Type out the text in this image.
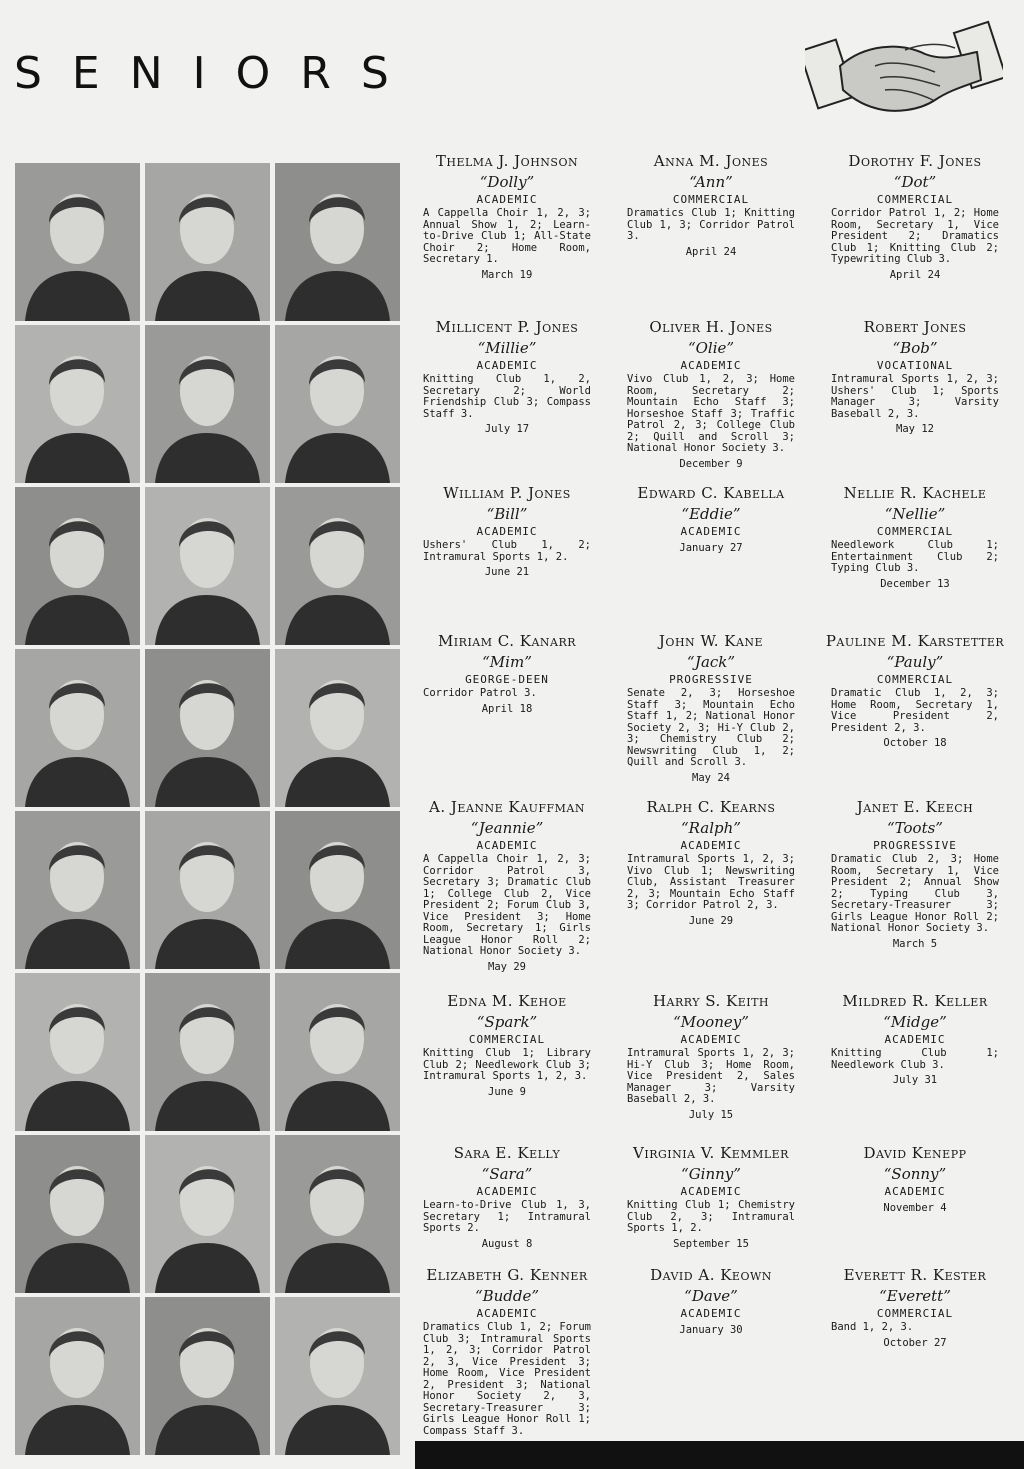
SENIORS
Thelma J. Johnson
“Dolly”
ACADEMIC
A Cappella Choir 1, 2, 3; Annual Show 1, 2; Learn-to-Drive Club 1; All-State Choir 2; Home Room, Secretary 1.
March 19
Anna M. Jones
“Ann”
COMMERCIAL
Dramatics Club 1; Knitting Club 1, 3; Corridor Patrol 3.
April 24
Dorothy F. Jones
“Dot”
COMMERCIAL
Corridor Patrol 1, 2; Home Room, Secretary 1, Vice President 2; Dramatics Club 1; Knitting Club 2; Typewriting Club 3.
April 24
Millicent P. Jones
“Millie”
ACADEMIC
Knitting Club 1, 2, Secretary 2; World Friendship Club 3; Compass Staff 3.
July 17
Oliver H. Jones
“Olie”
ACADEMIC
Vivo Club 1, 2, 3; Home Room, Secretary 2; Mountain Echo Staff 3; Horseshoe Staff 3; Traffic Patrol 2, 3; College Club 2; Quill and Scroll 3; National Honor Society 3.
December 9
Robert Jones
“Bob”
VOCATIONAL
Intramural Sports 1, 2, 3; Ushers' Club 1; Sports Manager 3; Varsity Baseball 2, 3.
May 12
William P. Jones
“Bill”
ACADEMIC
Ushers' Club 1, 2; Intramural Sports 1, 2.
June 21
Edward C. Kabella
“Eddie”
ACADEMIC
January 27
Nellie R. Kachele
“Nellie”
COMMERCIAL
Needlework Club 1; Entertainment Club 2; Typing Club 3.
December 13
Miriam C. Kanarr
“Mim”
GEORGE-DEEN
Corridor Patrol 3.
April 18
John W. Kane
“Jack”
PROGRESSIVE
Senate 2, 3; Horseshoe Staff 3; Mountain Echo Staff 1, 2; National Honor Society 2, 3; Hi-Y Club 2, 3; Chemistry Club 2; Newswriting Club 1, 2; Quill and Scroll 3.
May 24
Pauline M. Karstetter
“Pauly”
COMMERCIAL
Dramatic Club 1, 2, 3; Home Room, Secretary 1, Vice President 2, President 2, 3.
October 18
A. Jeanne Kauffman
“Jeannie”
ACADEMIC
A Cappella Choir 1, 2, 3; Corridor Patrol 3, Secretary 3; Dramatic Club 1; College Club 2, Vice President 2; Forum Club 3, Vice President 3; Home Room, Secretary 1; Girls League Honor Roll 2; National Honor Society 3.
May 29
Ralph C. Kearns
“Ralph”
ACADEMIC
Intramural Sports 1, 2, 3; Vivo Club 1; Newswriting Club, Assistant Treasurer 2, 3; Mountain Echo Staff 3; Corridor Patrol 2, 3.
June 29
Janet E. Keech
“Toots”
PROGRESSIVE
Dramatic Club 2, 3; Home Room, Secretary 1, Vice President 2; Annual Show 2; Typing Club 3, Secretary-Treasurer 3; Girls League Honor Roll 2; National Honor Society 3.
March 5
Edna M. Kehoe
“Spark”
COMMERCIAL
Knitting Club 1; Library Club 2; Needlework Club 3; Intramural Sports 1, 2, 3.
June 9
Harry S. Keith
“Mooney”
ACADEMIC
Intramural Sports 1, 2, 3; Hi-Y Club 3; Home Room, Vice President 2, Sales Manager 3; Varsity Baseball 2, 3.
July 15
Mildred R. Keller
“Midge”
ACADEMIC
Knitting Club 1; Needlework Club 3.
July 31
Sara E. Kelly
“Sara”
ACADEMIC
Learn-to-Drive Club 1, 3, Secretary 1; Intramural Sports 2.
August 8
Virginia V. Kemmler
“Ginny”
ACADEMIC
Knitting Club 1; Chemistry Club 2, 3; Intramural Sports 1, 2.
September 15
David Kenepp
“Sonny”
ACADEMIC
November 4
Elizabeth G. Kenner
“Budde”
ACADEMIC
Dramatics Club 1, 2; Forum Club 3; Intramural Sports 1, 2, 3; Corridor Patrol 2, 3, Vice President 3; Home Room, Vice President 2, President 3; National Honor Society 2, 3, Secretary-Treasurer 3; Girls League Honor Roll 1; Compass Staff 3.
David A. Keown
“Dave”
ACADEMIC
January 30
Everett R. Kester
“Everett”
COMMERCIAL
Band 1, 2, 3.
October 27
